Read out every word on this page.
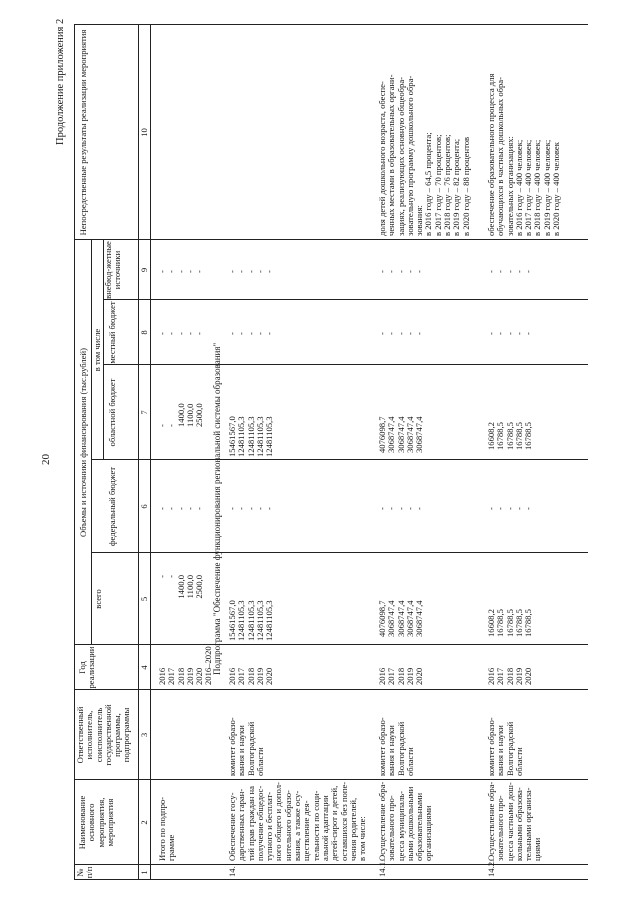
20
Продолжение приложения 2
№ п/п
Наименование основного мероприятия, мероприятия
Ответственный исполнитель, соисполнитель государственной программы, подпрограммы
Год реализации
Объемы и источники финансирования (тыс.рублей)
всего
в том числе
федеральный бюджет
областной бюджет
местный бюджет
внебюд-жетные источники
Непосредственные результаты реализации мероприятия
1
2
3
4
5
6
7
8
9
10
Итого по подпро-
грамме
2016
2017
2018
2019
2020
2016–2020
-
-
1400,0
1100,0
2500,0
-
-
-
-
-
-
-
1400,0
1100,0
2500,0
-
-
-
-
-
-
-
-
-
-
Подпрограмма "Обеспечение функционирования региональной системы образования"
14.
Обеспечение госу-
дарственных гаран-
тий прав граждан на
получение общедос-
тупного и бесплат-
ного общего и допол-
нительного образо-
вания, а также осу-
ществление дея-
тельности по соци-
альной адаптации
детей-сирот и детей,
оставшихся без попе-
чения родителей,
в том числе:
комитет образо-
вания и науки
Волгоградской
области
2016
2017
2018
2019
2020
15461567,0
12481105,3
12481105,3
12481105,3
12481105,3
-
-
-
-
-
15461567,0
12481105,3
12481105,3
12481105,3
12481105,3
-
-
-
-
-
-
-
-
-
-
14.1.
Осуществление обра-
зовательного про-
цесса муниципаль-
ными дошкольными
образовательными
организациями
комитет образо-
вания и науки
Волгоградской
области
2016
2017
2018
2019
2020
4076098,7
3068747,4
3068747,4
3068747,4
3068747,4
-
-
-
-
-
4076098,7
3068747,4
3068747,4
3068747,4
3068747,4
-
-
-
-
-
-
-
-
-
-
доля детей дошкольного возраста, обеспе-
ченных местами в образовательных органи-
зациях, реализующих основную общеобра-
зовательную программу дошкольного обра-
зования:
в 2016 году – 64,5 процента;
в 2017 году – 70 процентов;
в 2018 году – 76 процентов;
в 2019 году – 82 процента;
в 2020 году – 88 процентов
14.2.
Осуществление обра-
зовательного про-
цесса частными дош-
кольными образова-
тельными организа-
циями
комитет образо-
вания и науки
Волгоградской
области
2016
2017
2018
2019
2020
16608,2
16788,5
16788,5
16788,5
16788,5
-
-
-
-
-
16608,2
16788,5
16788,5
16788,5
16788,5
-
-
-
-
-
-
-
-
-
-
обеспечение образовательного процесса для
обучающихся в частных дошкольных обра-
зовательных организациях:
в 2016 году – 400 человек;
в 2017 году – 400 человек;
в 2018 году – 400 человек;
в 2019 году – 400 человек;
в 2020 году – 400 человек
